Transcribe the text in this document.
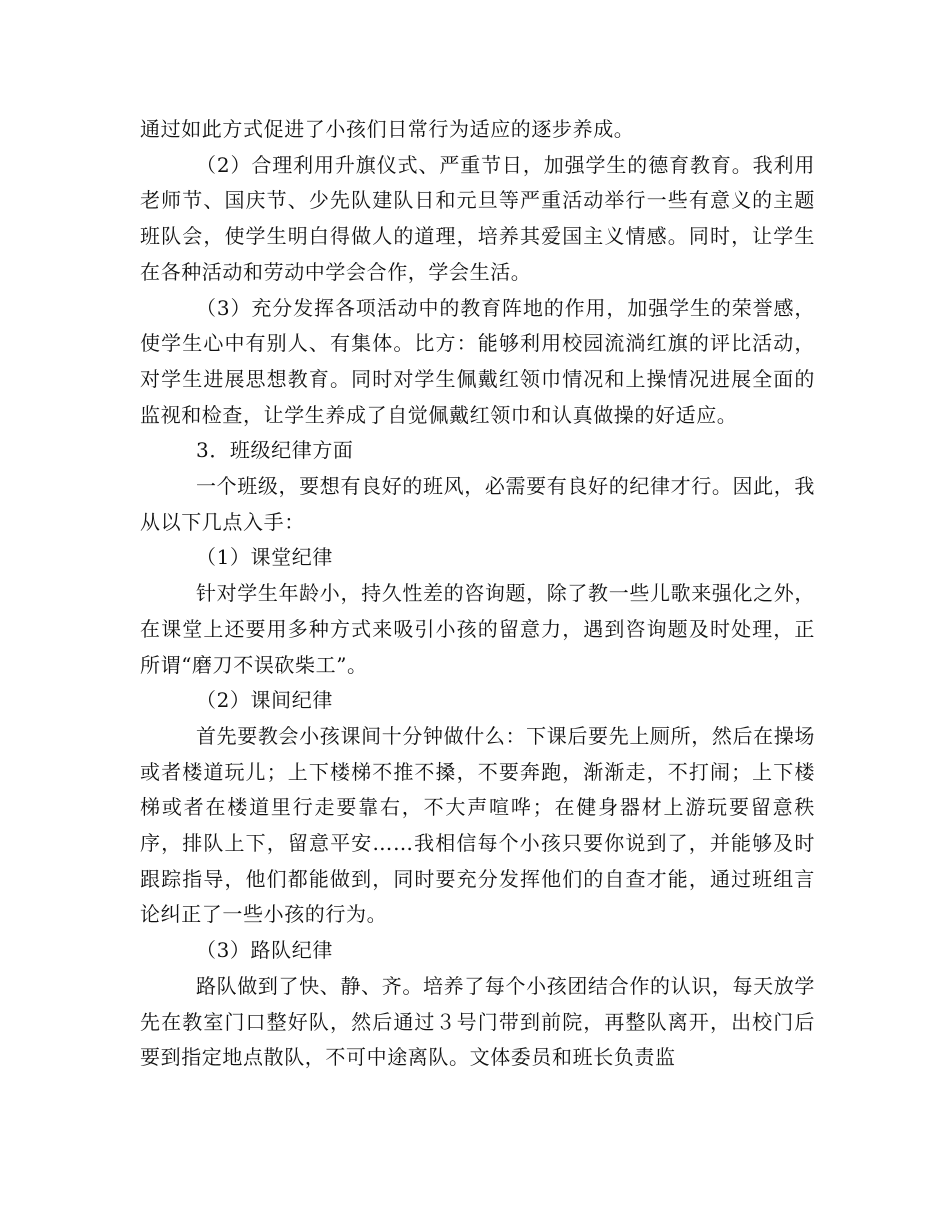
通过如此方式促进了小孩们日常行为适应的逐步养成。

（2）合理利用升旗仪式、严重节日，加强学生的德育教育。我利用老师节、国庆节、少先队建队日和元旦等严重活动举行一些有意义的主题班队会，使学生明白得做人的道理，培养其爱国主义情感。同时，让学生在各种活动和劳动中学会合作，学会生活。

（3）充分发挥各项活动中的教育阵地的作用，加强学生的荣誉感，使学生心中有别人、有集体。比方：能够利用校园流淌红旗的评比活动，对学生进展思想教育。同时对学生佩戴红领巾情况和上操情况进展全面的监视和检查，让学生养成了自觉佩戴红领巾和认真做操的好适应。

3．班级纪律方面

一个班级，要想有良好的班风，必需要有良好的纪律才行。因此，我从以下几点入手：

（1）课堂纪律

针对学生年龄小，持久性差的咨询题，除了教一些儿歌来强化之外，在课堂上还要用多种方式来吸引小孩的留意力，遇到咨询题及时处理，正所谓“磨刀不误砍柴工”。

（2）课间纪律

首先要教会小孩课间十分钟做什么：下课后要先上厕所，然后在操场或者楼道玩儿；上下楼梯不推不搡，不要奔跑，渐渐走，不打闹；上下楼梯或者在楼道里行走要靠右，不大声喧哗；在健身器材上游玩要留意秩序，排队上下，留意平安……我相信每个小孩只要你说到了，并能够及时跟踪指导，他们都能做到，同时要充分发挥他们的自查才能，通过班组言论纠正了一些小孩的行为。

（3）路队纪律

路队做到了快、静、齐。培养了每个小孩团结合作的认识，每天放学先在教室门口整好队，然后通过３号门带到前院，再整队离开，出校门后要到指定地点散队，不可中途离队。文体委员和班长负责监
